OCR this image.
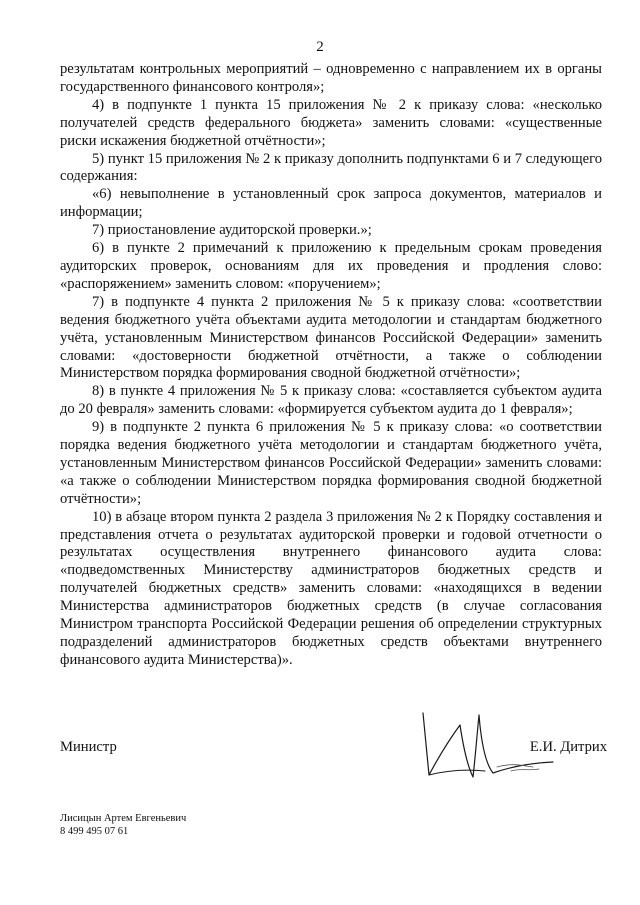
2

результатам контрольных мероприятий – одновременно с направлением их в органы государственного финансового контроля»;

4) в подпункте 1 пункта 15 приложения № 2 к приказу слова: «несколько получателей средств федерального бюджета» заменить словами: «существенные риски искажения бюджетной отчётности»;

5) пункт 15 приложения № 2 к приказу дополнить подпунктами 6 и 7 следующего содержания:

«6) невыполнение в установленный срок запроса документов, материалов и информации;

7) приостановление аудиторской проверки.»;

6) в пункте 2 примечаний к приложению к предельным срокам проведения аудиторских проверок, основаниям для их проведения и продления слово: «распоряжением» заменить словом: «поручением»;

7) в подпункте 4 пункта 2 приложения № 5 к приказу слова: «соответствии ведения бюджетного учёта объектами аудита методологии и стандартам бюджетного учёта, установленным Министерством финансов Российской Федерации» заменить словами: «достоверности бюджетной отчётности, а также о соблюдении Министерством порядка формирования сводной бюджетной отчётности»;

8) в пункте 4 приложения № 5 к приказу слова: «составляется субъектом аудита до 20 февраля» заменить словами: «формируется субъектом аудита до 1 февраля»;

9) в подпункте 2 пункта 6 приложения № 5 к приказу слова: «о соответствии порядка ведения бюджетного учёта методологии и стандартам бюджетного учёта, установленным Министерством финансов Российской Федерации» заменить словами: «а также о соблюдении Министерством порядка формирования сводной бюджетной отчётности»;

10) в абзаце втором пункта 2 раздела 3 приложения № 2 к Порядку составления и представления отчета о результатах аудиторской проверки и годовой отчетности о результатах осуществления внутреннего финансового аудита слова: «подведомственных Министерству администраторов бюджетных средств и получателей бюджетных средств» заменить словами: «находящихся в ведении Министерства администраторов бюджетных средств (в случае согласования Министром транспорта Российской Федерации решения об определении структурных подразделений администраторов бюджетных средств объектами внутреннего финансового аудита Министерства)».

Министр	Е.И. Дитрих
Лисицын Артем Евгеньевич
8 499 495 07 61
